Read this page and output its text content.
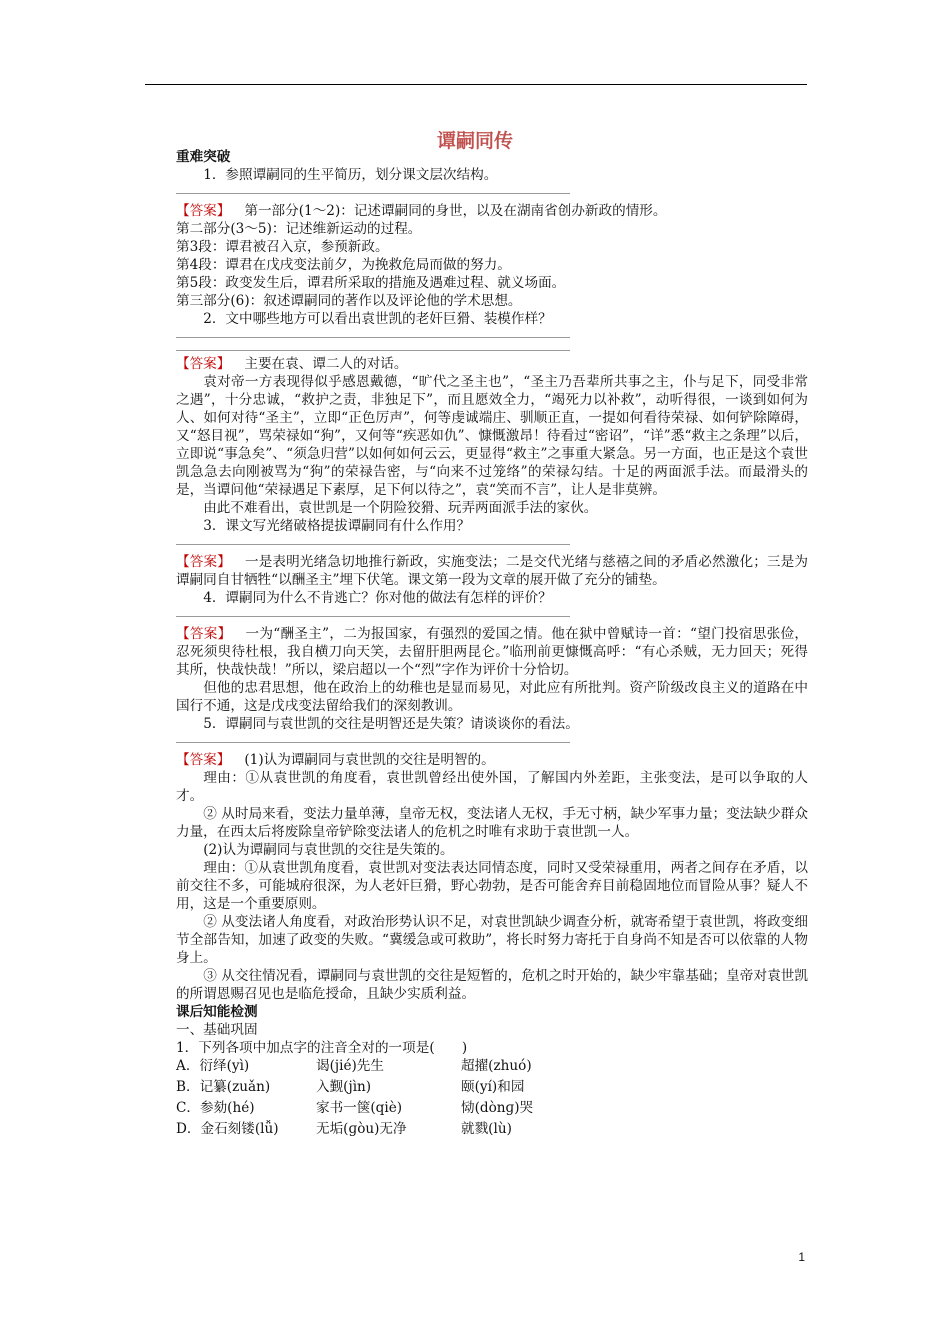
谭嗣同传

重难突破

1．参照谭嗣同的生平简历，划分课文层次结构。

【答案】 第一部分(1～2)：记述谭嗣同的身世，以及在湖南省创办新政的情形。

第二部分(3～5)：记述维新运动的过程。

第3段：谭君被召入京，参预新政。

第4段：谭君在戊戌变法前夕，为挽救危局而做的努力。

第5段：政变发生后，谭君所采取的措施及遇难过程、就义场面。

第三部分(6)：叙述谭嗣同的著作以及评论他的学术思想。

2．文中哪些地方可以看出袁世凯的老奸巨猾、装模作样？

【答案】 主要在袁、谭二人的对话。

袁对帝一方表现得似乎感恩戴德，“旷代之圣主也”，“圣主乃吾辈所共事之主，仆与足下，同受非常之遇”，十分忠诚，“救护之责，非独足下”，而且愿效全力，“竭死力以补救”，动听得很，一谈到如何为人、如何对待“圣主”，立即“正色厉声”，何等虔诚端庄、驯顺正直，一提如何看待荣禄、如何铲除障碍，又“怒目视”，骂荣禄如“狗”，又何等“疾恶如仇”、慷慨激昂！待看过“密诏”，“详”悉“救主之条理”以后，立即说“事急矣”、“须急归营”以如何如何云云，更显得“救主”之事重大紧急。另一方面，也正是这个袁世凯急急去向刚被骂为“狗”的荣禄告密，与“向来不过笼络”的荣禄勾结。十足的两面派手法。而最滑头的是，当谭问他“荣禄遇足下素厚，足下何以待之”，袁“笑而不言”，让人是非莫辨。

由此不难看出，袁世凯是一个阴险狡猾、玩弄两面派手法的家伙。

3．课文写光绪破格提拔谭嗣同有什么作用？

【答案】 一是表明光绪急切地推行新政，实施变法；二是交代光绪与慈禧之间的矛盾必然激化；三是为谭嗣同自甘牺牲“以酬圣主”埋下伏笔。课文第一段为文章的展开做了充分的铺垫。

4．谭嗣同为什么不肯逃亡？你对他的做法有怎样的评价？

【答案】 一为“酬圣主”，二为报国家，有强烈的爱国之情。他在狱中曾赋诗一首：“望门投宿思张俭，忍死须臾待杜根，我自横刀向天笑，去留肝胆两昆仑。”临刑前更慷慨高呼：“有心杀贼，无力回天；死得其所，快哉快哉！”所以，梁启超以一个“烈”字作为评价十分恰切。

但他的忠君思想，他在政治上的幼稚也是显而易见，对此应有所批判。资产阶级改良主义的道路在中国行不通，这是戊戌变法留给我们的深刻教训。

5．谭嗣同与袁世凯的交往是明智还是失策？请谈谈你的看法。

【答案】 (1)认为谭嗣同与袁世凯的交往是明智的。

理由：①从袁世凯的角度看，袁世凯曾经出使外国，了解国内外差距，主张变法，是可以争取的人才。

② 从时局来看，变法力量单薄，皇帝无权，变法诸人无权，手无寸柄，缺少军事力量；变法缺少群众力量，在西太后将废除皇帝铲除变法诸人的危机之时唯有求助于袁世凯一人。

(2)认为谭嗣同与袁世凯的交往是失策的。

理由：①从袁世凯角度看，袁世凯对变法表达同情态度，同时又受荣禄重用，两者之间存在矛盾，以前交往不多，可能城府很深，为人老奸巨猾，野心勃勃，是否可能舍弃目前稳固地位而冒险从事？疑人不用，这是一个重要原则。

② 从变法诸人角度看，对政治形势认识不足，对袁世凯缺少调查分析，就寄希望于袁世凯，将政变细节全部告知，加速了政变的失败。“冀缓急或可救助”，将长时努力寄托于自身尚不知是否可以依靠的人物身上。

③ 从交往情况看，谭嗣同与袁世凯的交往是短暂的，危机之时开始的，缺少牢靠基础；皇帝对袁世凯的所谓恩赐召见也是临危授命，且缺少实质利益。

课后知能检测

一、基础巩固

1．下列各项中加点字的注音全对的一项是(　　)

A．衍绎(yì)	谒(jié)先生	超擢(zhuó)
B．记纂(zuǎn)	入觐(jìn)	颐(yí)和园
C．参劾(hé)	家书一箧(qiè)	恸(dònɡ)哭
D．金石刻镂(lǚ)	无垢(ɡòu)无净	就戮(lù)
1
